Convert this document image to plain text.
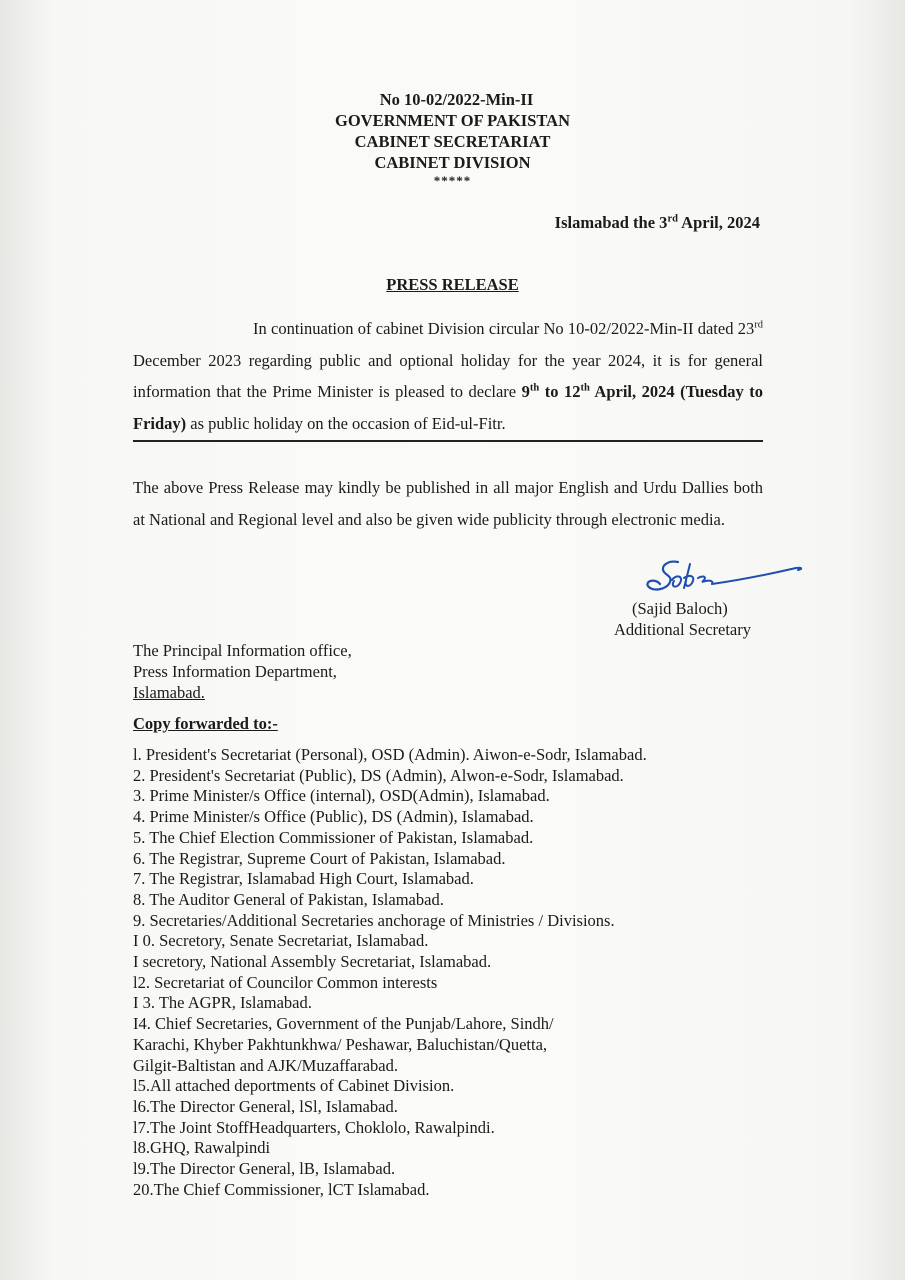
No 10-02/2022-Min-II
GOVERNMENT OF PAKISTAN
CABINET SECRETARIAT
CABINET DIVISION
*****
Islamabad the 3rd April, 2024
PRESS RELEASE
In continuation of cabinet Division circular No 10-02/2022-Min-II dated 23rd December 2023 regarding public and optional holiday for the year 2024, it is for general information that the Prime Minister is pleased to declare 9th to 12th April, 2024 (Tuesday to Friday) as public holiday on the occasion of Eid-ul-Fitr.
The above Press Release may kindly be published in all major English and Urdu Dallies both at National and Regional level and also be given wide publicity through electronic media.
(Sajid Baloch)
Additional Secretary
The Principal Information office,
Press Information Department,
Islamabad.
Copy forwarded to:-
l. President's Secretariat (Personal), OSD (Admin). Aiwon-e-Sodr, Islamabad.
2. President's Secretariat (Public), DS (Admin), Alwon-e-Sodr, Islamabad.
3. Prime Minister/s Office (internal), OSD(Admin), Islamabad.
4. Prime Minister/s Office (Public), DS (Admin), Islamabad.
5. The Chief Election Commissioner of Pakistan, Islamabad.
6. The Registrar, Supreme Court of Pakistan, Islamabad.
7. The Registrar, Islamabad High Court, Islamabad.
8. The Auditor General of Pakistan, Islamabad.
9. Secretaries/Additional Secretaries anchorage of Ministries / Divisions.
I 0. Secretory, Senate Secretariat, Islamabad.
I secretory, National Assembly Secretariat, Islamabad.
l2. Secretariat of Councilor Common interests
I 3. The AGPR, Islamabad.
I4. Chief Secretaries, Government of the Punjab/Lahore, Sindh/
Karachi, Khyber Pakhtunkhwa/ Peshawar, Baluchistan/Quetta,
Gilgit-Baltistan and AJK/Muzaffarabad.
l5.All attached deportments of Cabinet Division.
l6.The Director General, lSl, Islamabad.
l7.The Joint StoffHeadquarters, Choklolo, Rawalpindi.
l8.GHQ, Rawalpindi
l9.The Director General, lB, Islamabad.
20.The Chief Commissioner, lCT Islamabad.
